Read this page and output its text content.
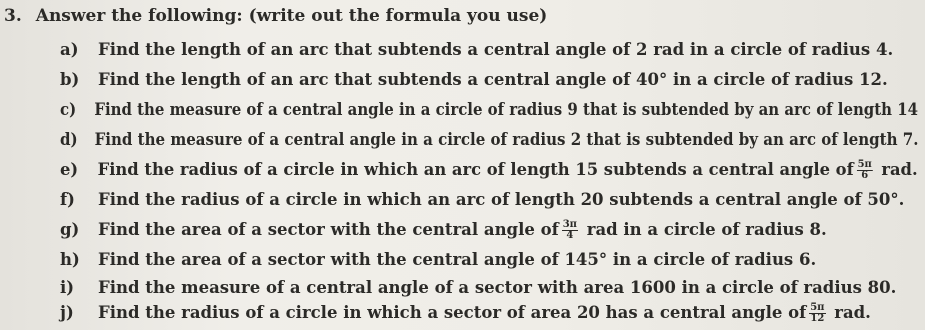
3. Answer the following: (write out the formula you use)
a) Find the length of an arc that subtends a central angle of 2 rad in a circle of radius 4.
b) Find the length of an arc that subtends a central angle of 40° in a circle of radius 12.
c) Find the measure of a central angle in a circle of radius 9 that is subtended by an arc of length 14
d) Find the measure of a central angle in a circle of radius 2 that is subtended by an arc of length 7.
e) Find the radius of a circle in which an arc of length 15 subtends a central angle of $\frac{5\pi}{6}$ rad.
f) Find the radius of a circle in which an arc of length 20 subtends a central angle of 50°.
g) Find the area of a sector with the central angle of $\frac{3\pi}{4}$ rad in a circle of radius 8.
h) Find the area of a sector with the central angle of 145° in a circle of radius 6.
i) Find the measure of a central angle of a sector with area 1600 in a circle of radius 80.
j) Find the radius of a circle in which a sector of area 20 has a central angle of $\frac{5\pi}{12}$ rad.
